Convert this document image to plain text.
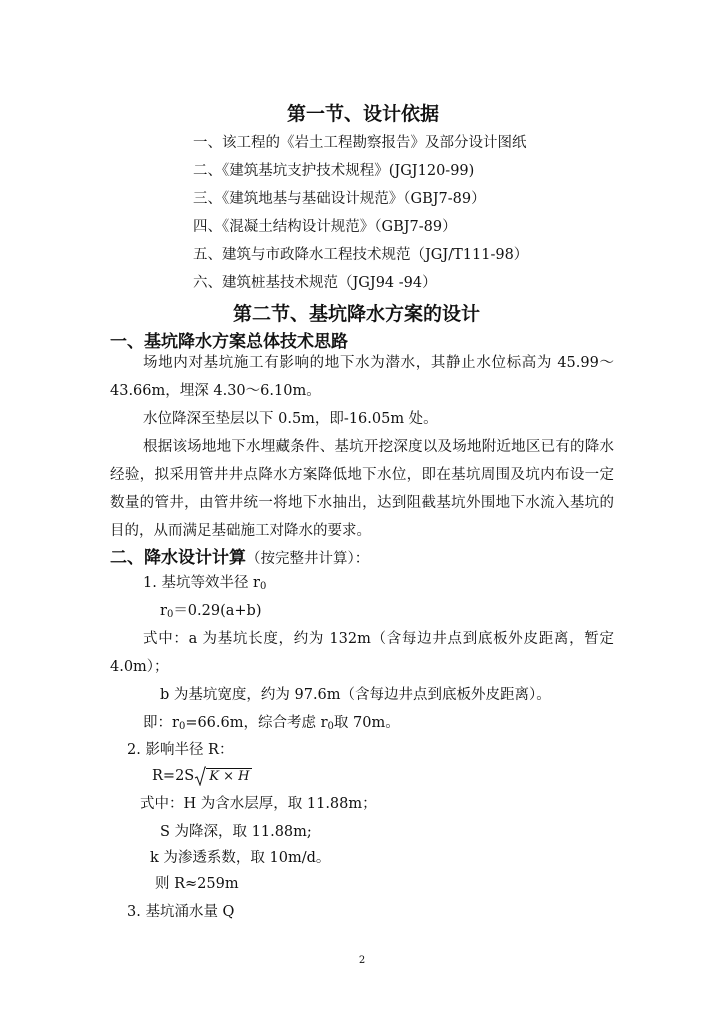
第一节、设计依据
一、该工程的《岩土工程勘察报告》及部分设计图纸
二、《建筑基坑支护技术规程》(JGJ120-99)
三、《建筑地基与基础设计规范》（GBJ7-89）
四、《混凝土结构设计规范》（GBJ7-89）
五、建筑与市政降水工程技术规范（JGJ/T111-98）
六、建筑桩基技术规范（JGJ94 -94）
第二节、基坑降水方案的设计
一、基坑降水方案总体技术思路
场地内对基坑施工有影响的地下水为潜水，其静止水位标高为 45.99～
43.66m，埋深 4.30～6.10m。
水位降深至垫层以下 0.5m，即-16.05m 处。
根据该场地地下水埋藏条件、基坑开挖深度以及场地附近地区已有的降水
经验，拟采用管井井点降水方案降低地下水位，即在基坑周围及坑内布设一定
数量的管井，由管井统一将地下水抽出，达到阻截基坑外围地下水流入基坑的
目的，从而满足基础施工对降水的要求。
二、降水设计计算（按完整井计算）：
1. 基坑等效半径 $r_0$
$r_0=0.29(a+b)$
式中：a 为基坑长度，约为 132m（含每边井点到底板外皮距离，暂定
4.0m）；
b 为基坑宽度，约为 97.6m（含每边井点到底板外皮距离）。
即：$r_0=66.6m$，综合考虑 $r_0$取 70m。
2. 影响半径 R：
R=2S K × H
式中：H 为含水层厚，取 11.88m；
S 为降深，取 11.88m;
k 为渗透系数，取 10m/d。
则 R≈259m
3. 基坑涌水量 Q
2
